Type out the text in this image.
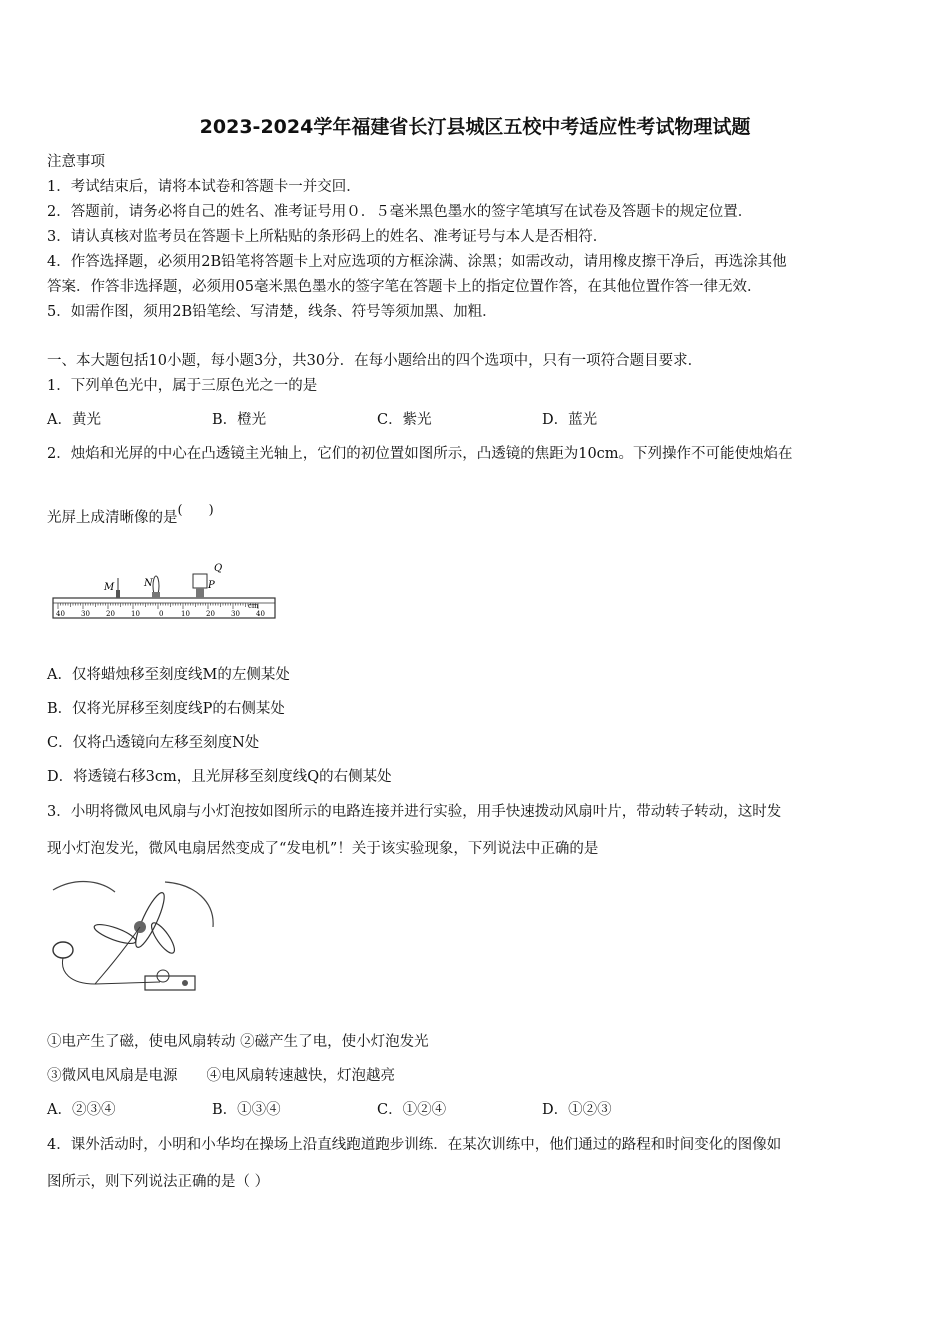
2023-2024学年福建省长汀县城区五校中考适应性考试物理试题
注意事项
1．考试结束后，请将本试卷和答题卡一并交回．
2．答题前，请务必将自己的姓名、准考证号用０．５毫米黑色墨水的签字笔填写在试卷及答题卡的规定位置．
3．请认真核对监考员在答题卡上所粘贴的条形码上的姓名、准考证号与本人是否相符．
4．作答选择题，必须用2B铅笔将答题卡上对应选项的方框涂满、涂黑；如需改动，请用橡皮擦干净后，再选涂其他
答案．作答非选择题，必须用05毫米黑色墨水的签字笔在答题卡上的指定位置作答，在其他位置作答一律无效．
5．如需作图，须用2B铅笔绘、写清楚，线条、符号等须加黑、加粗．
一、本大题包括10小题，每小题3分，共30分．在每小题给出的四个选项中，只有一项符合题目要求．
1．下列单色光中，属于三原色光之一的是
A．黄光	B．橙光	C．紫光	D．蓝光
2．烛焰和光屏的中心在凸透镜主光轴上，它们的初位置如图所示，凸透镜的焦距为10cm。下列操作不可能使烛焰在
光屏上成清晰像的是(　　)
M	N	P
Q
40 30 20 10	0	10 20 30 40
cm
A．仅将蜡烛移至刻度线M的左侧某处
B．仅将光屏移至刻度线P的右侧某处
C．仅将凸透镜向左移至刻度N处
D．将透镜右移3cm，且光屏移至刻度线Q的右侧某处
3．小明将微风电风扇与小灯泡按如图所示的电路连接并进行实验，用手快速拨动风扇叶片，带动转子转动，这时发
现小灯泡发光，微风电扇居然变成了“发电机”！关于该实验现象，下列说法中正确的是
①电产生了磁，使电风扇转动 ②磁产生了电，使小灯泡发光
③微风电风扇是电源　　④电风扇转速越快，灯泡越亮
A．②③④	B．①③④	C．①②④	D．①②③
4．课外活动时，小明和小华均在操场上沿直线跑道跑步训练．在某次训练中，他们通过的路程和时间变化的图像如
图所示，则下列说法正确的是（ ）
